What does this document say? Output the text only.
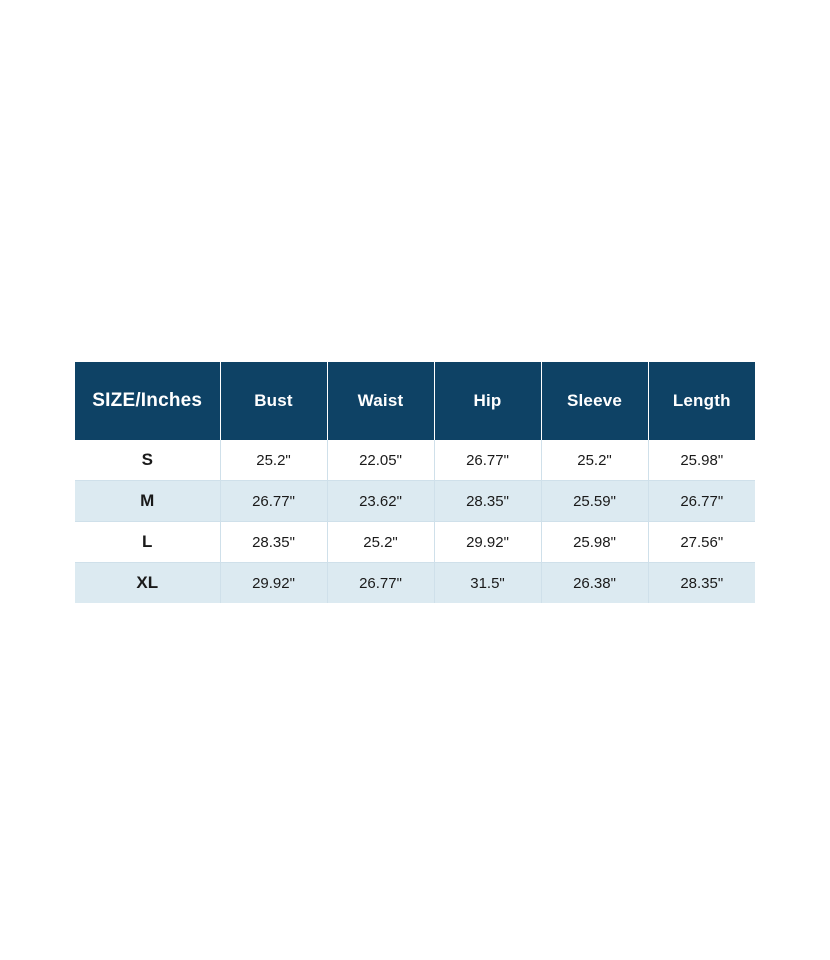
SIZE/Inches	Bust	Waist	Hip	Sleeve	Length
S	25.2"	22.05"	26.77"	25.2"	25.98"
M	26.77"	23.62"	28.35"	25.59"	26.77"
L	28.35"	25.2"	29.92"	25.98"	27.56"
XL	29.92"	26.77"	31.5"	26.38"	28.35"
